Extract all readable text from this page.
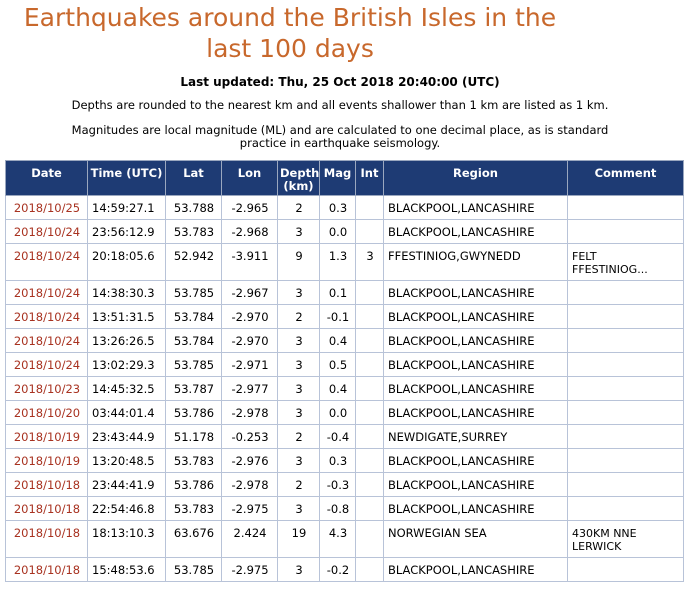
Earthquakes around the British Isles in the
last 100 days
Last updated: Thu, 25 Oct 2018 20:40:00 (UTC)
Depths are rounded to the nearest km and all events shallower than 1 km are listed as 1 km.
Magnitudes are local magnitude (ML) and are calculated to one decimal place, as is standard
practice in earthquake seismology.
Date	Time (UTC)	Lat	Lon	Depth
(km)	Mag	Int	Region	Comment
2018/10/25	14:59:27.1	53.788	-2.965	2	0.3		BLACKPOOL,LANCASHIRE	

2018/10/24	23:56:12.9	53.783	-2.968	3	0.0		BLACKPOOL,LANCASHIRE	

2018/10/24	20:18:05.6	52.942	-3.911	9	1.3	3	FFESTINIOG,GWYNEDD	FELT
FFESTINIOG...
2018/10/24	14:38:30.3	53.785	-2.967	3	0.1		BLACKPOOL,LANCASHIRE	

2018/10/24	13:51:31.5	53.784	-2.970	2	-0.1		BLACKPOOL,LANCASHIRE	

2018/10/24	13:26:26.5	53.784	-2.970	3	0.4		BLACKPOOL,LANCASHIRE	

2018/10/24	13:02:29.3	53.785	-2.971	3	0.5		BLACKPOOL,LANCASHIRE	

2018/10/23	14:45:32.5	53.787	-2.977	3	0.4		BLACKPOOL,LANCASHIRE	

2018/10/20	03:44:01.4	53.786	-2.978	3	0.0		BLACKPOOL,LANCASHIRE	

2018/10/19	23:43:44.9	51.178	-0.253	2	-0.4		NEWDIGATE,SURREY	

2018/10/19	13:20:48.5	53.783	-2.976	3	0.3		BLACKPOOL,LANCASHIRE	

2018/10/18	23:44:41.9	53.786	-2.978	2	-0.3		BLACKPOOL,LANCASHIRE	

2018/10/18	22:54:46.8	53.783	-2.975	3	-0.8		BLACKPOOL,LANCASHIRE	

2018/10/18	18:13:10.3	63.676	2.424	19	4.3		NORWEGIAN SEA	430KM NNE
LERWICK
2018/10/18	15:48:53.6	53.785	-2.975	3	-0.2		BLACKPOOL,LANCASHIRE	
